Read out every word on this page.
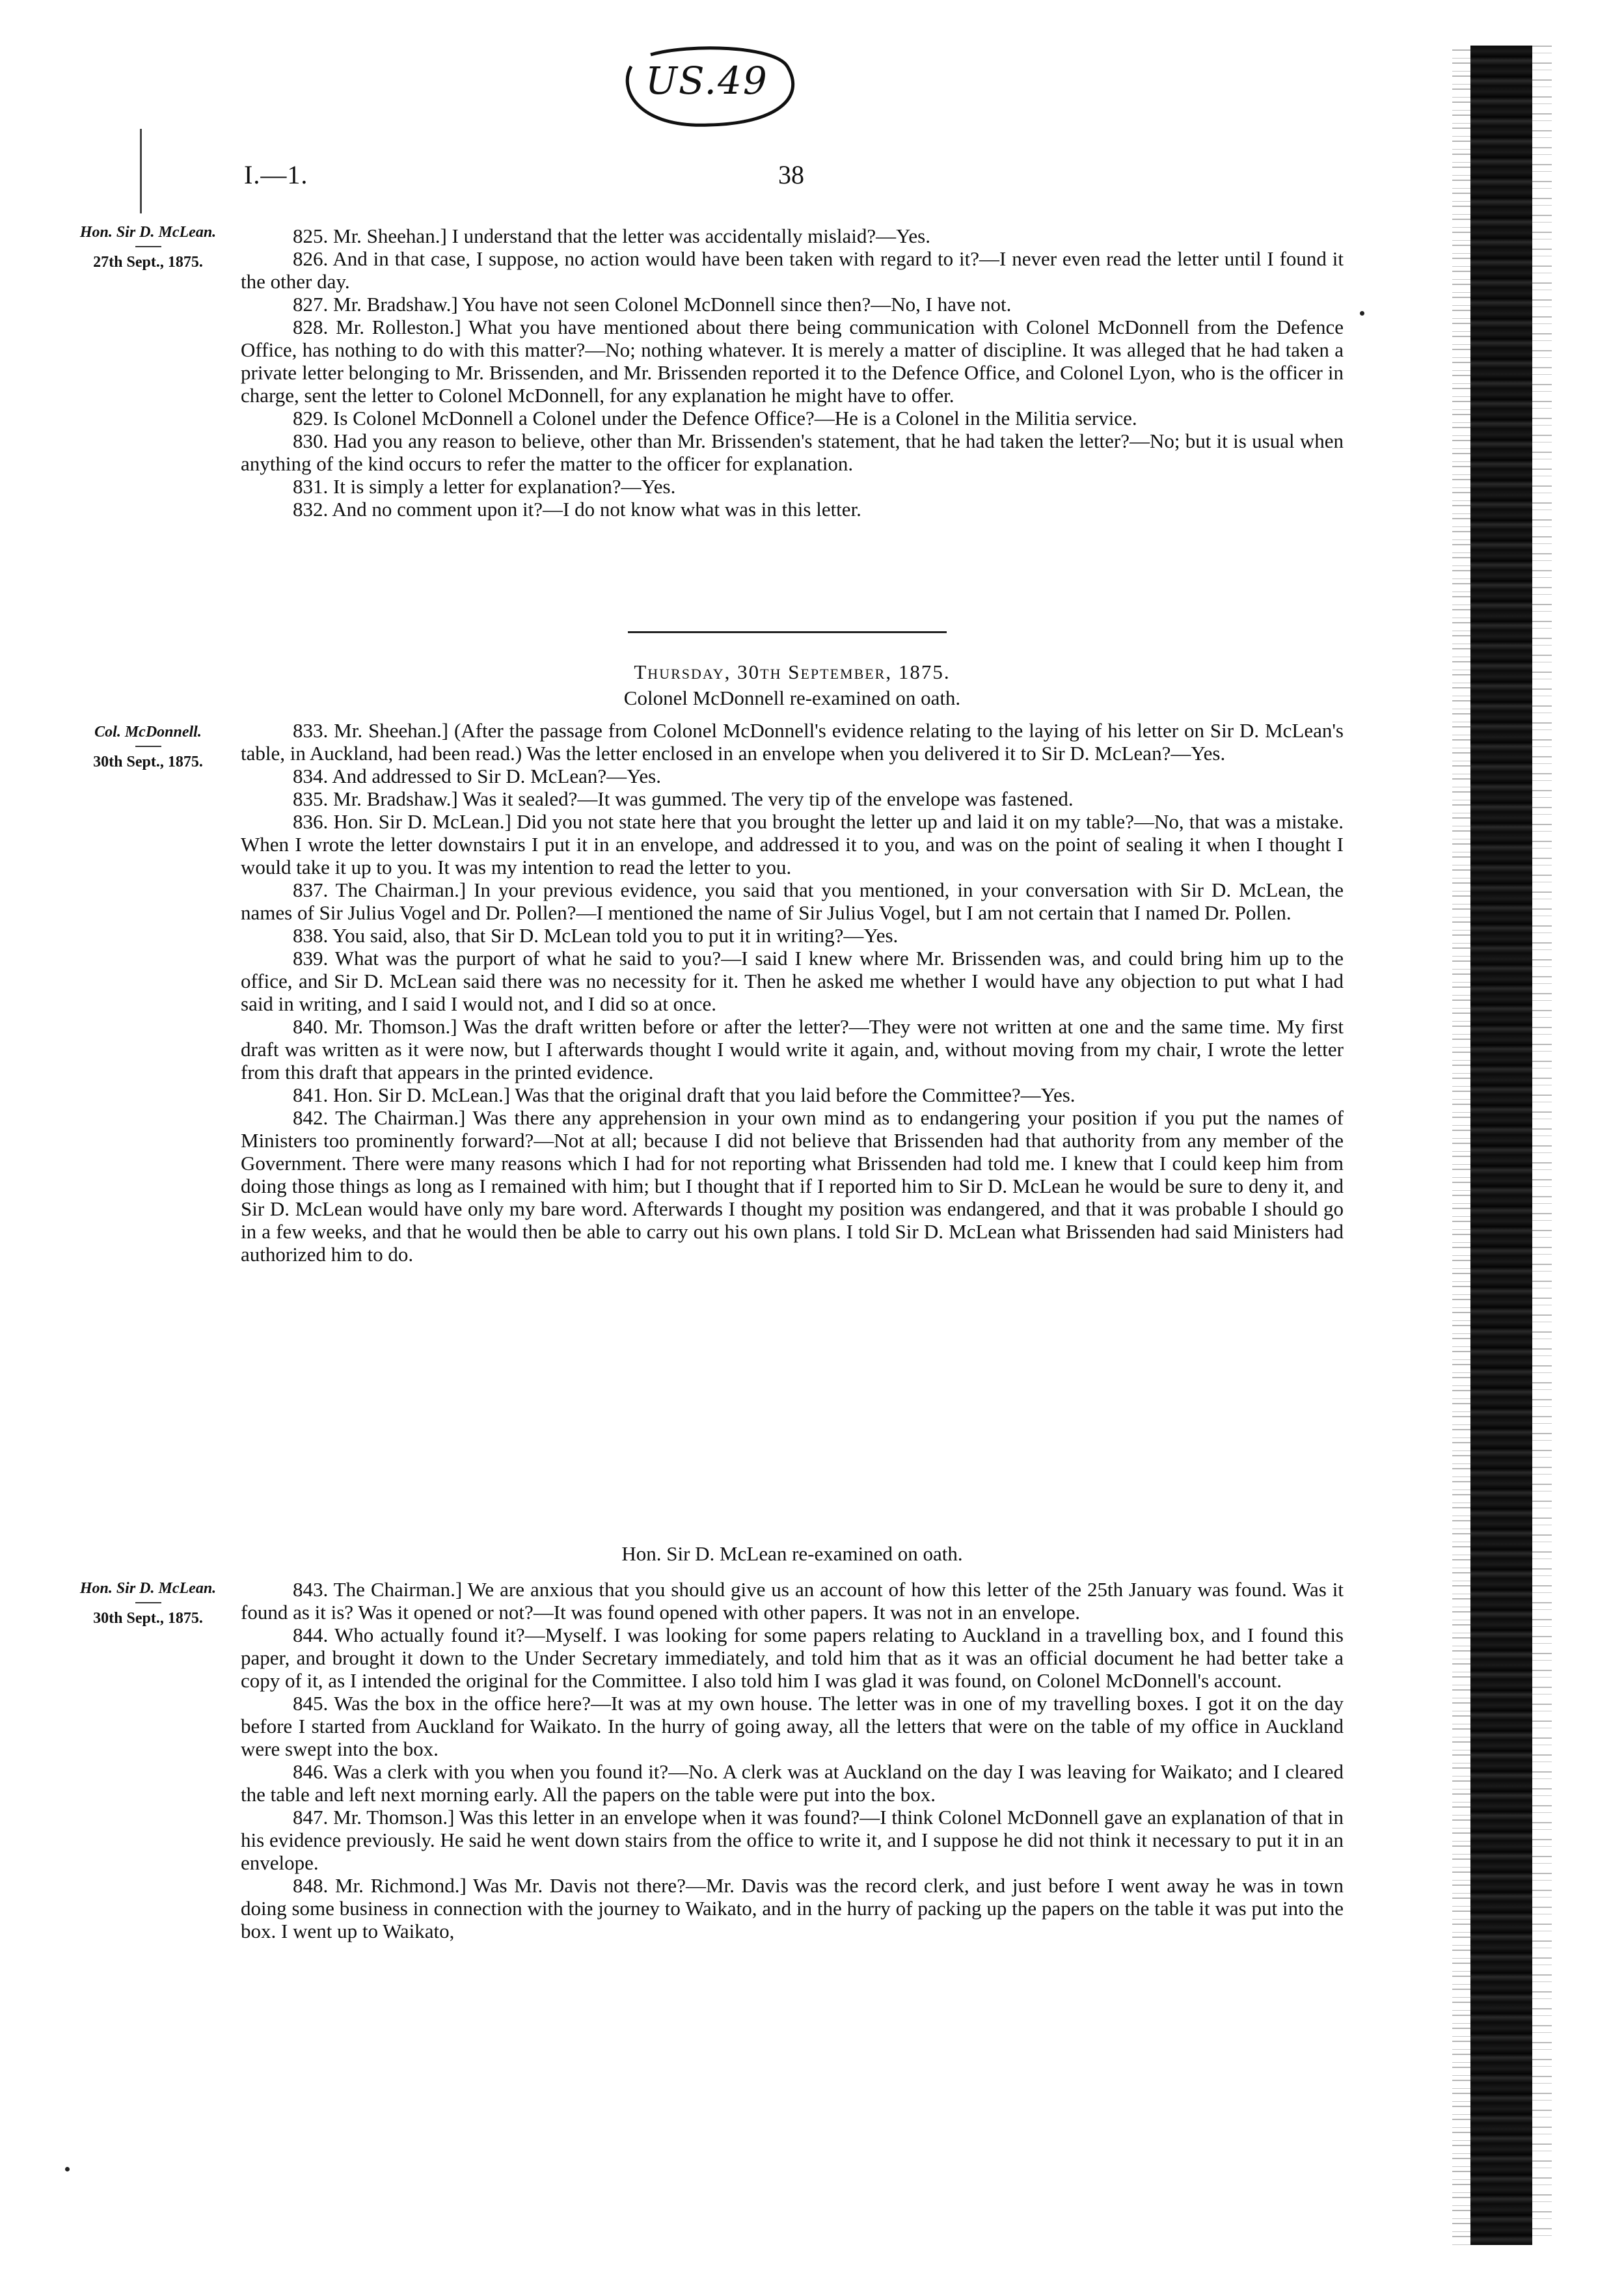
US.49
I.—1.	38
Hon. Sir D. McLean.
27th Sept., 1875.
Col. McDonnell.
30th Sept., 1875.
Hon. Sir D. McLean.
30th Sept., 1875.

825. Mr. Sheehan.] I understand that the letter was accidentally mislaid?—Yes.

826. And in that case, I suppose, no action would have been taken with regard to it?—I never even read the letter until I found it the other day.

827. Mr. Bradshaw.] You have not seen Colonel McDonnell since then?—No, I have not.

828. Mr. Rolleston.] What you have mentioned about there being communication with Colonel McDonnell from the Defence Office, has nothing to do with this matter?—No; nothing whatever. It is merely a matter of discipline. It was alleged that he had taken a private letter belonging to Mr. Brissenden, and Mr. Brissenden reported it to the Defence Office, and Colonel Lyon, who is the officer in charge, sent the letter to Colonel McDonnell, for any explanation he might have to offer.

829. Is Colonel McDonnell a Colonel under the Defence Office?—He is a Colonel in the Militia service.

830. Had you any reason to believe, other than Mr. Brissenden's statement, that he had taken the letter?—No; but it is usual when anything of the kind occurs to refer the matter to the officer for explanation.

831. It is simply a letter for explanation?—Yes.

832. And no comment upon it?—I do not know what was in this letter.

Thursday, 30th September, 1875.
Colonel McDonnell re-examined on oath.

833. Mr. Sheehan.] (After the passage from Colonel McDonnell's evidence relating to the laying of his letter on Sir D. McLean's table, in Auckland, had been read.) Was the letter enclosed in an envelope when you delivered it to Sir D. McLean?—Yes.

834. And addressed to Sir D. McLean?—Yes.

835. Mr. Bradshaw.] Was it sealed?—It was gummed. The very tip of the envelope was fastened.

836. Hon. Sir D. McLean.] Did you not state here that you brought the letter up and laid it on my table?—No, that was a mistake. When I wrote the letter downstairs I put it in an envelope, and addressed it to you, and was on the point of sealing it when I thought I would take it up to you. It was my intention to read the letter to you.

837. The Chairman.] In your previous evidence, you said that you mentioned, in your conversation with Sir D. McLean, the names of Sir Julius Vogel and Dr. Pollen?—I mentioned the name of Sir Julius Vogel, but I am not certain that I named Dr. Pollen.

838. You said, also, that Sir D. McLean told you to put it in writing?—Yes.

839. What was the purport of what he said to you?—I said I knew where Mr. Brissenden was, and could bring him up to the office, and Sir D. McLean said there was no necessity for it. Then he asked me whether I would have any objection to put what I had said in writing, and I said I would not, and I did so at once.

840. Mr. Thomson.] Was the draft written before or after the letter?—They were not written at one and the same time. My first draft was written as it were now, but I afterwards thought I would write it again, and, without moving from my chair, I wrote the letter from this draft that appears in the printed evidence.

841. Hon. Sir D. McLean.] Was that the original draft that you laid before the Committee?—Yes.

842. The Chairman.] Was there any apprehension in your own mind as to endangering your position if you put the names of Ministers too prominently forward?—Not at all; because I did not believe that Brissenden had that authority from any member of the Government. There were many reasons which I had for not reporting what Brissenden had told me. I knew that I could keep him from doing those things as long as I remained with him; but I thought that if I reported him to Sir D. McLean he would be sure to deny it, and Sir D. McLean would have only my bare word. Afterwards I thought my position was endangered, and that it was probable I should go in a few weeks, and that he would then be able to carry out his own plans. I told Sir D. McLean what Brissenden had said Ministers had authorized him to do.

Hon. Sir D. McLean re-examined on oath.

843. The Chairman.] We are anxious that you should give us an account of how this letter of the 25th January was found. Was it found as it is? Was it opened or not?—It was found opened with other papers. It was not in an envelope.

844. Who actually found it?—Myself. I was looking for some papers relating to Auckland in a travelling box, and I found this paper, and brought it down to the Under Secretary immediately, and told him that as it was an official document he had better take a copy of it, as I intended the original for the Committee. I also told him I was glad it was found, on Colonel McDonnell's account.

845. Was the box in the office here?—It was at my own house. The letter was in one of my travelling boxes. I got it on the day before I started from Auckland for Waikato. In the hurry of going away, all the letters that were on the table of my office in Auckland were swept into the box.

846. Was a clerk with you when you found it?—No. A clerk was at Auckland on the day I was leaving for Waikato; and I cleared the table and left next morning early. All the papers on the table were put into the box.

847. Mr. Thomson.] Was this letter in an envelope when it was found?—I think Colonel McDonnell gave an explanation of that in his evidence previously. He said he went down stairs from the office to write it, and I suppose he did not think it necessary to put it in an envelope.

848. Mr. Richmond.] Was Mr. Davis not there?—Mr. Davis was the record clerk, and just before I went away he was in town doing some business in connection with the journey to Waikato, and in the hurry of packing up the papers on the table it was put into the box. I went up to Waikato,
